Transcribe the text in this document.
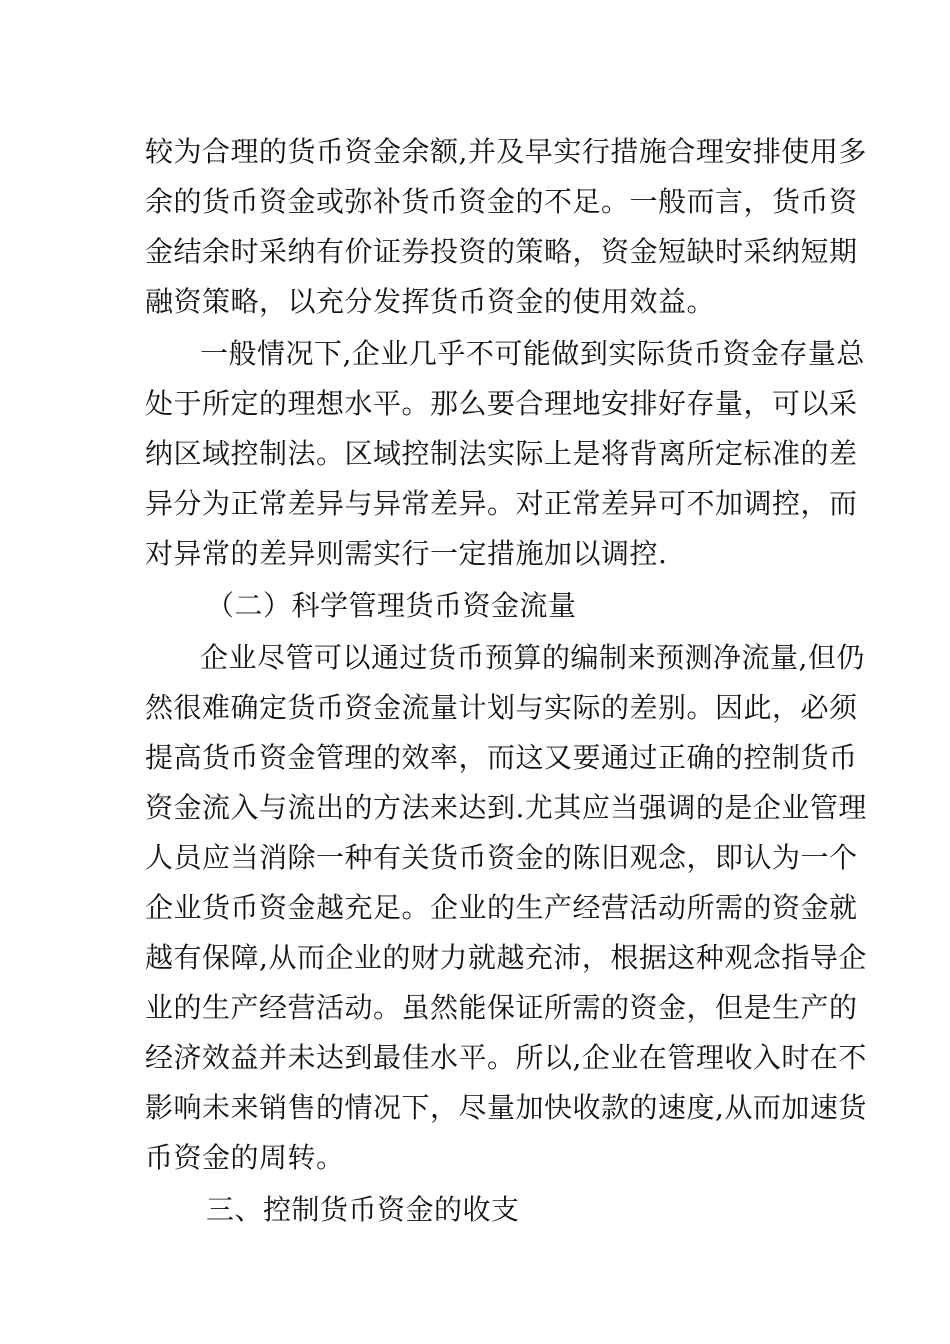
较为合理的货币资金余额,并及早实行措施合理安排使用多
余的货币资金或弥补货币资金的不足。一般而言，货币资
金结余时采纳有价证券投资的策略，资金短缺时采纳短期
融资策略，以充分发挥货币资金的使用效益。
一般情况下,企业几乎不可能做到实际货币资金存量总
处于所定的理想水平。那么要合理地安排好存量，可以采
纳区域控制法。区域控制法实际上是将背离所定标准的差
异分为正常差异与异常差异。对正常差异可不加调控，而
对异常的差异则需实行一定措施加以调控.
（二）科学管理货币资金流量
企业尽管可以通过货币预算的编制来预测净流量,但仍
然很难确定货币资金流量计划与实际的差别。因此，必须
提高货币资金管理的效率，而这又要通过正确的控制货币
资金流入与流出的方法来达到.尤其应当强调的是企业管理
人员应当消除一种有关货币资金的陈旧观念，即认为一个
企业货币资金越充足。企业的生产经营活动所需的资金就
越有保障,从而企业的财力就越充沛，根据这种观念指导企
业的生产经营活动。虽然能保证所需的资金，但是生产的
经济效益并未达到最佳水平。所以,企业在管理收入时在不
影响未来销售的情况下，尽量加快收款的速度,从而加速货
币资金的周转。
三、控制货币资金的收支
